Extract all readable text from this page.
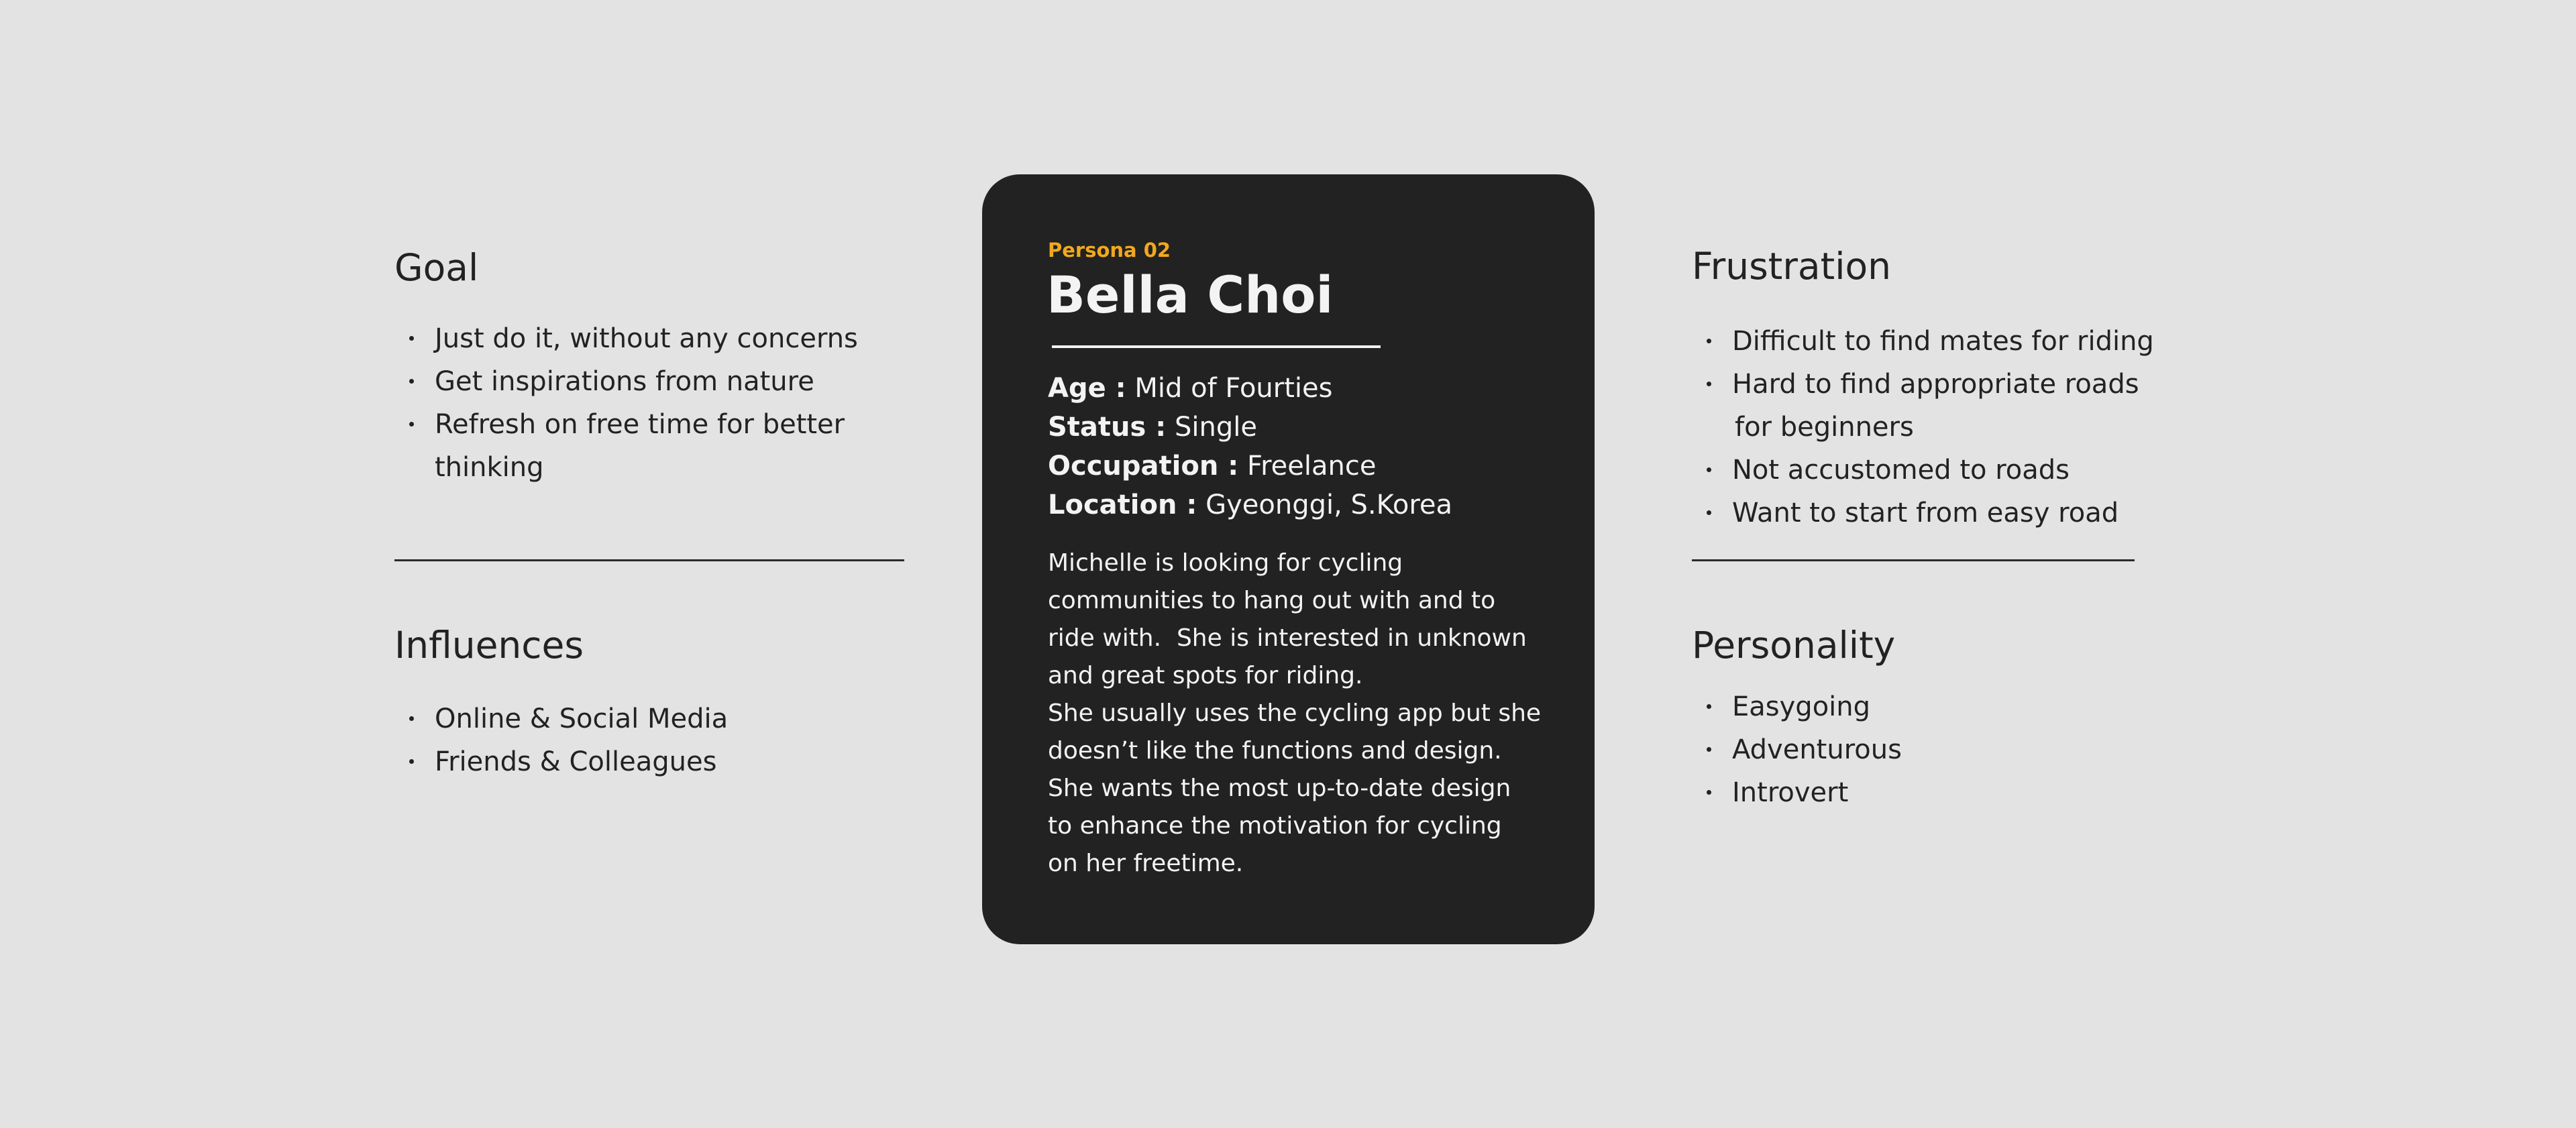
Goal
Just do it, without any concerns
Get inspirations from nature
Refresh on free time for better
thinking
Influences
Online & Social Media
Friends & Colleagues
Persona 02
Bella Choi
Age : Mid of Fourties
Status : Single
Occupation : Freelance
Location : Gyeonggi, S.Korea

Michelle is looking for cycling

communities to hang out with and to

ride with.  She is interested in unknown

and great spots for riding.

She usually uses the cycling app but she

doesn’t like the functions and design.

She wants the most up-to-date design

to enhance the motivation for cycling

on her freetime.

Frustration
Difficult to find mates for riding
Hard to find appropriate roads
for beginners
Not accustomed to roads
Want to start from easy road
Personality
Easygoing
Adventurous
Introvert
